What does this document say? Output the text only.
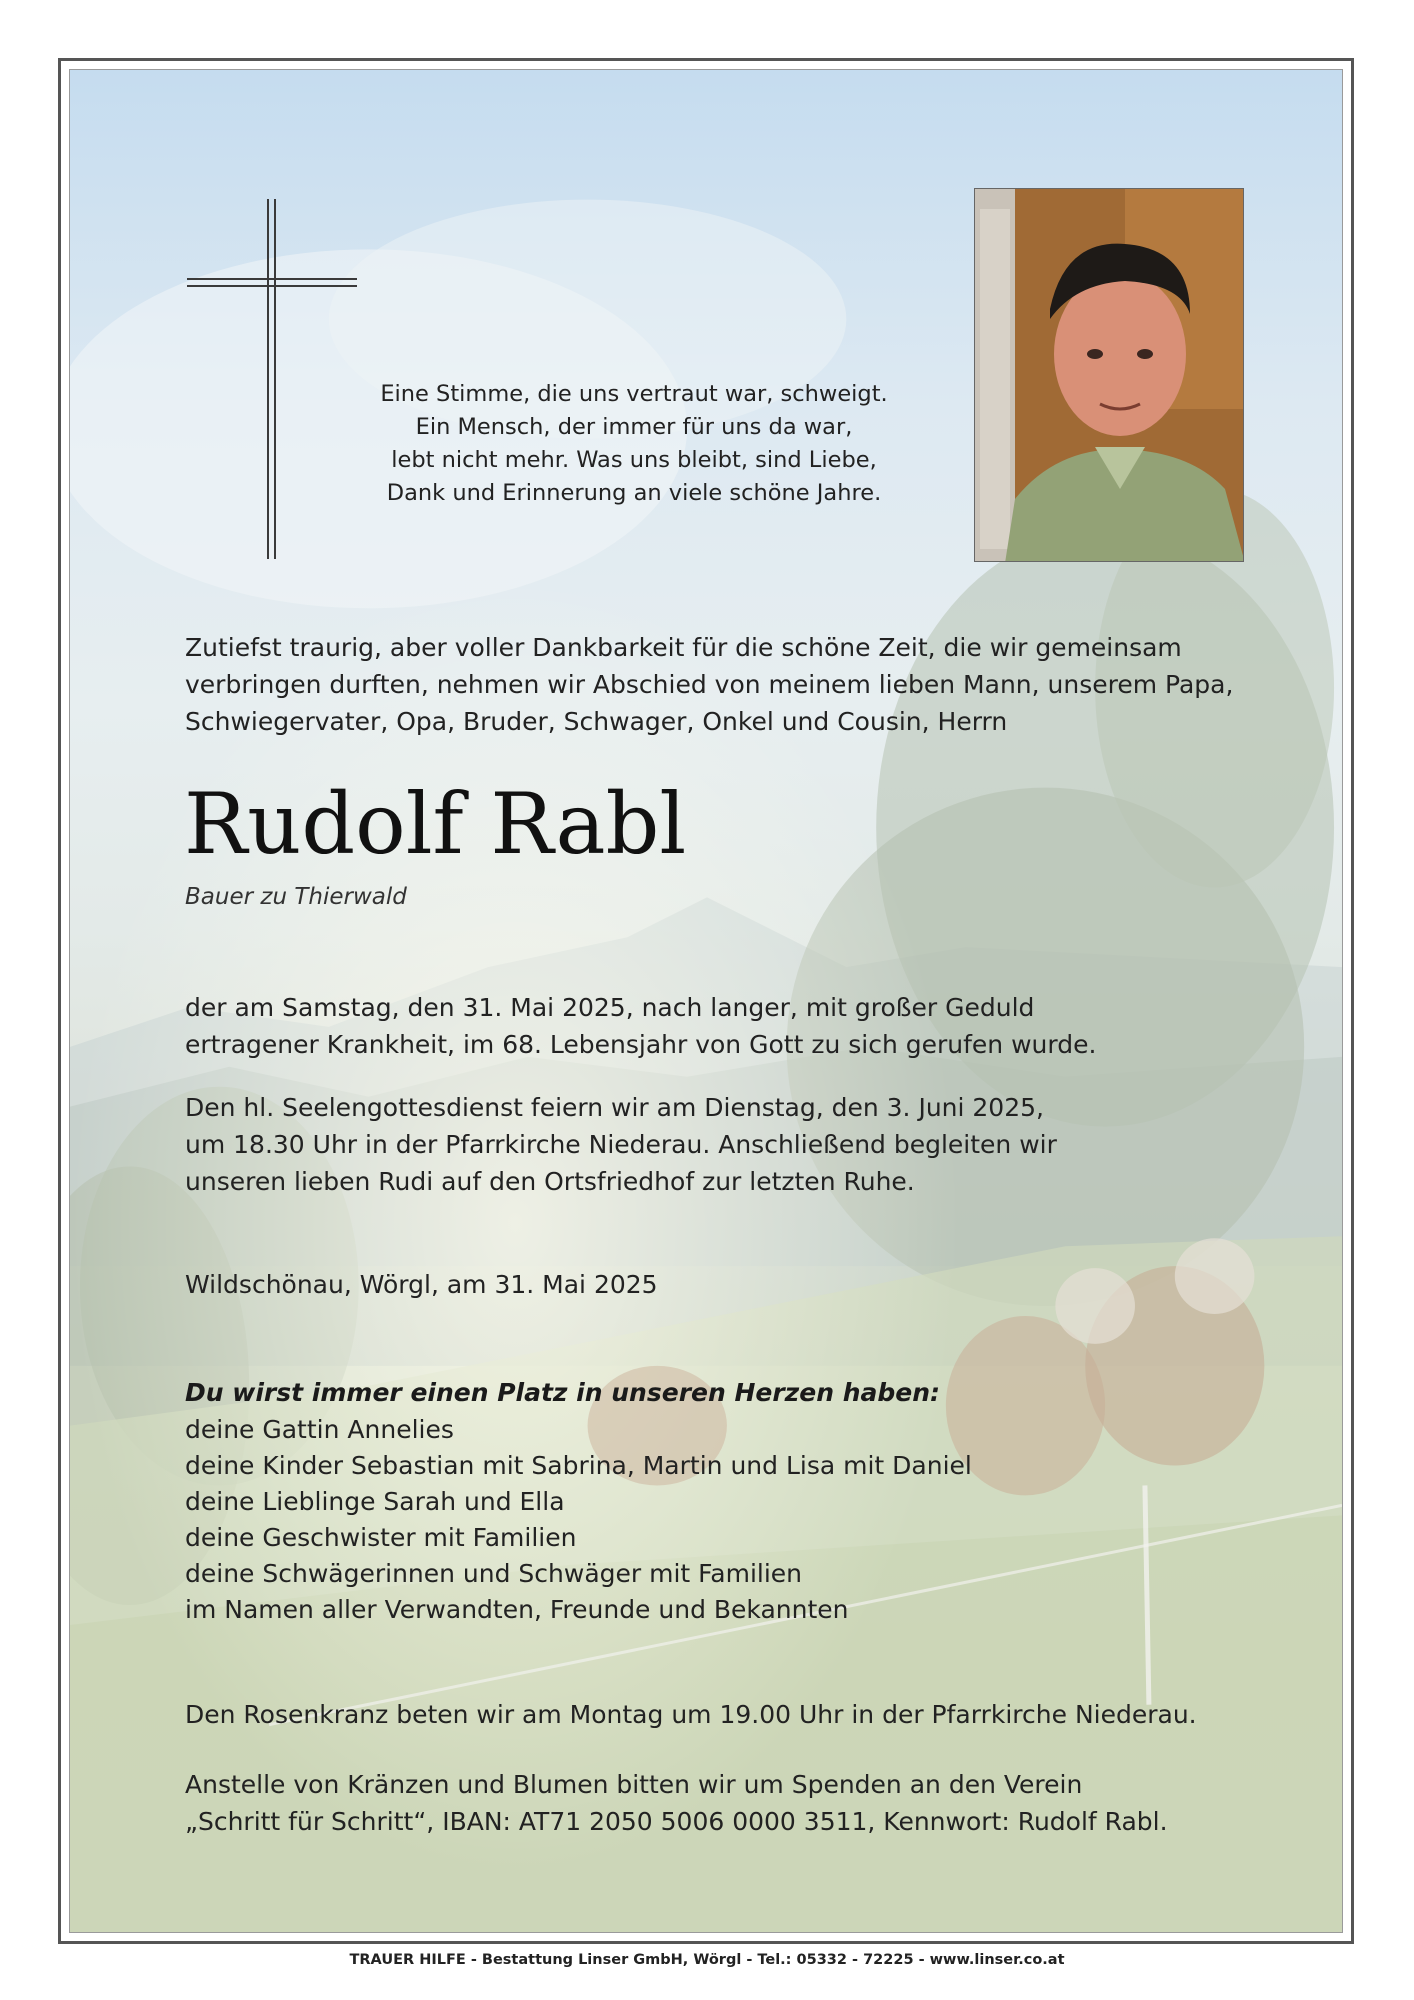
Eine Stimme, die uns vertraut war, schweigt.
Ein Mensch, der immer für uns da war,
lebt nicht mehr. Was uns bleibt, sind Liebe,
Dank und Erinnerung an viele schöne Jahre.
Zutiefst traurig, aber voller Dankbarkeit für die schöne Zeit, die wir gemeinsam
verbringen durften, nehmen wir Abschied von meinem lieben Mann, unserem Papa,
Schwiegervater, Opa, Bruder, Schwager, Onkel und Cousin, Herrn
Rudolf Rabl
Bauer zu Thierwald
der am Samstag, den 31. Mai 2025, nach langer, mit großer Geduld
ertragener Krankheit, im 68. Lebensjahr von Gott zu sich gerufen wurde.
Den hl. Seelengottesdienst feiern wir am Dienstag, den 3. Juni 2025,
um 18.30 Uhr in der Pfarrkirche Niederau. Anschließend begleiten wir
unseren lieben Rudi auf den Ortsfriedhof zur letzten Ruhe.
Wildschönau, Wörgl, am 31. Mai 2025
Du wirst immer einen Platz in unseren Herzen haben:
deine Gattin Annelies
deine Kinder Sebastian mit Sabrina, Martin und Lisa mit Daniel
deine Lieblinge Sarah und Ella
deine Geschwister mit Familien
deine Schwägerinnen und Schwäger mit Familien
im Namen aller Verwandten, Freunde und Bekannten
Den Rosenkranz beten wir am Montag um 19.00 Uhr in der Pfarrkirche Niederau.
Anstelle von Kränzen und Blumen bitten wir um Spenden an den Verein
„Schritt für Schritt“, IBAN: AT71 2050 5006 0000 3511, Kennwort: Rudolf Rabl.
TRAUER HILFE - Bestattung Linser GmbH, Wörgl - Tel.: 05332 - 72225 - www.linser.co.at
